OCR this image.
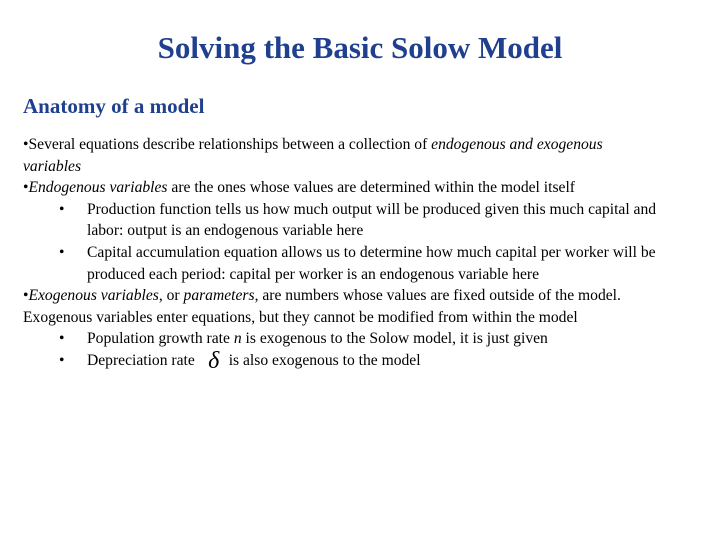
Solving the Basic Solow Model
Anatomy of a model

•Several equations describe relationships between a collection of endogenous and exogenous variables

•Endogenous variables are the ones whose values are determined within the model itself

• Production function tells us how much output will be produced given this much capital and labor: output is an endogenous variable here

• Capital accumulation equation allows us to determine how much capital per worker will be produced each period: capital per worker is an endogenous variable here

•Exogenous variables, or parameters, are numbers whose values are fixed outside of the model. Exogenous variables enter equations, but they cannot be modified from within the model

• Population growth rate n is exogenous to the Solow model, it is just given

• Depreciation rate δ is also exogenous to the model
